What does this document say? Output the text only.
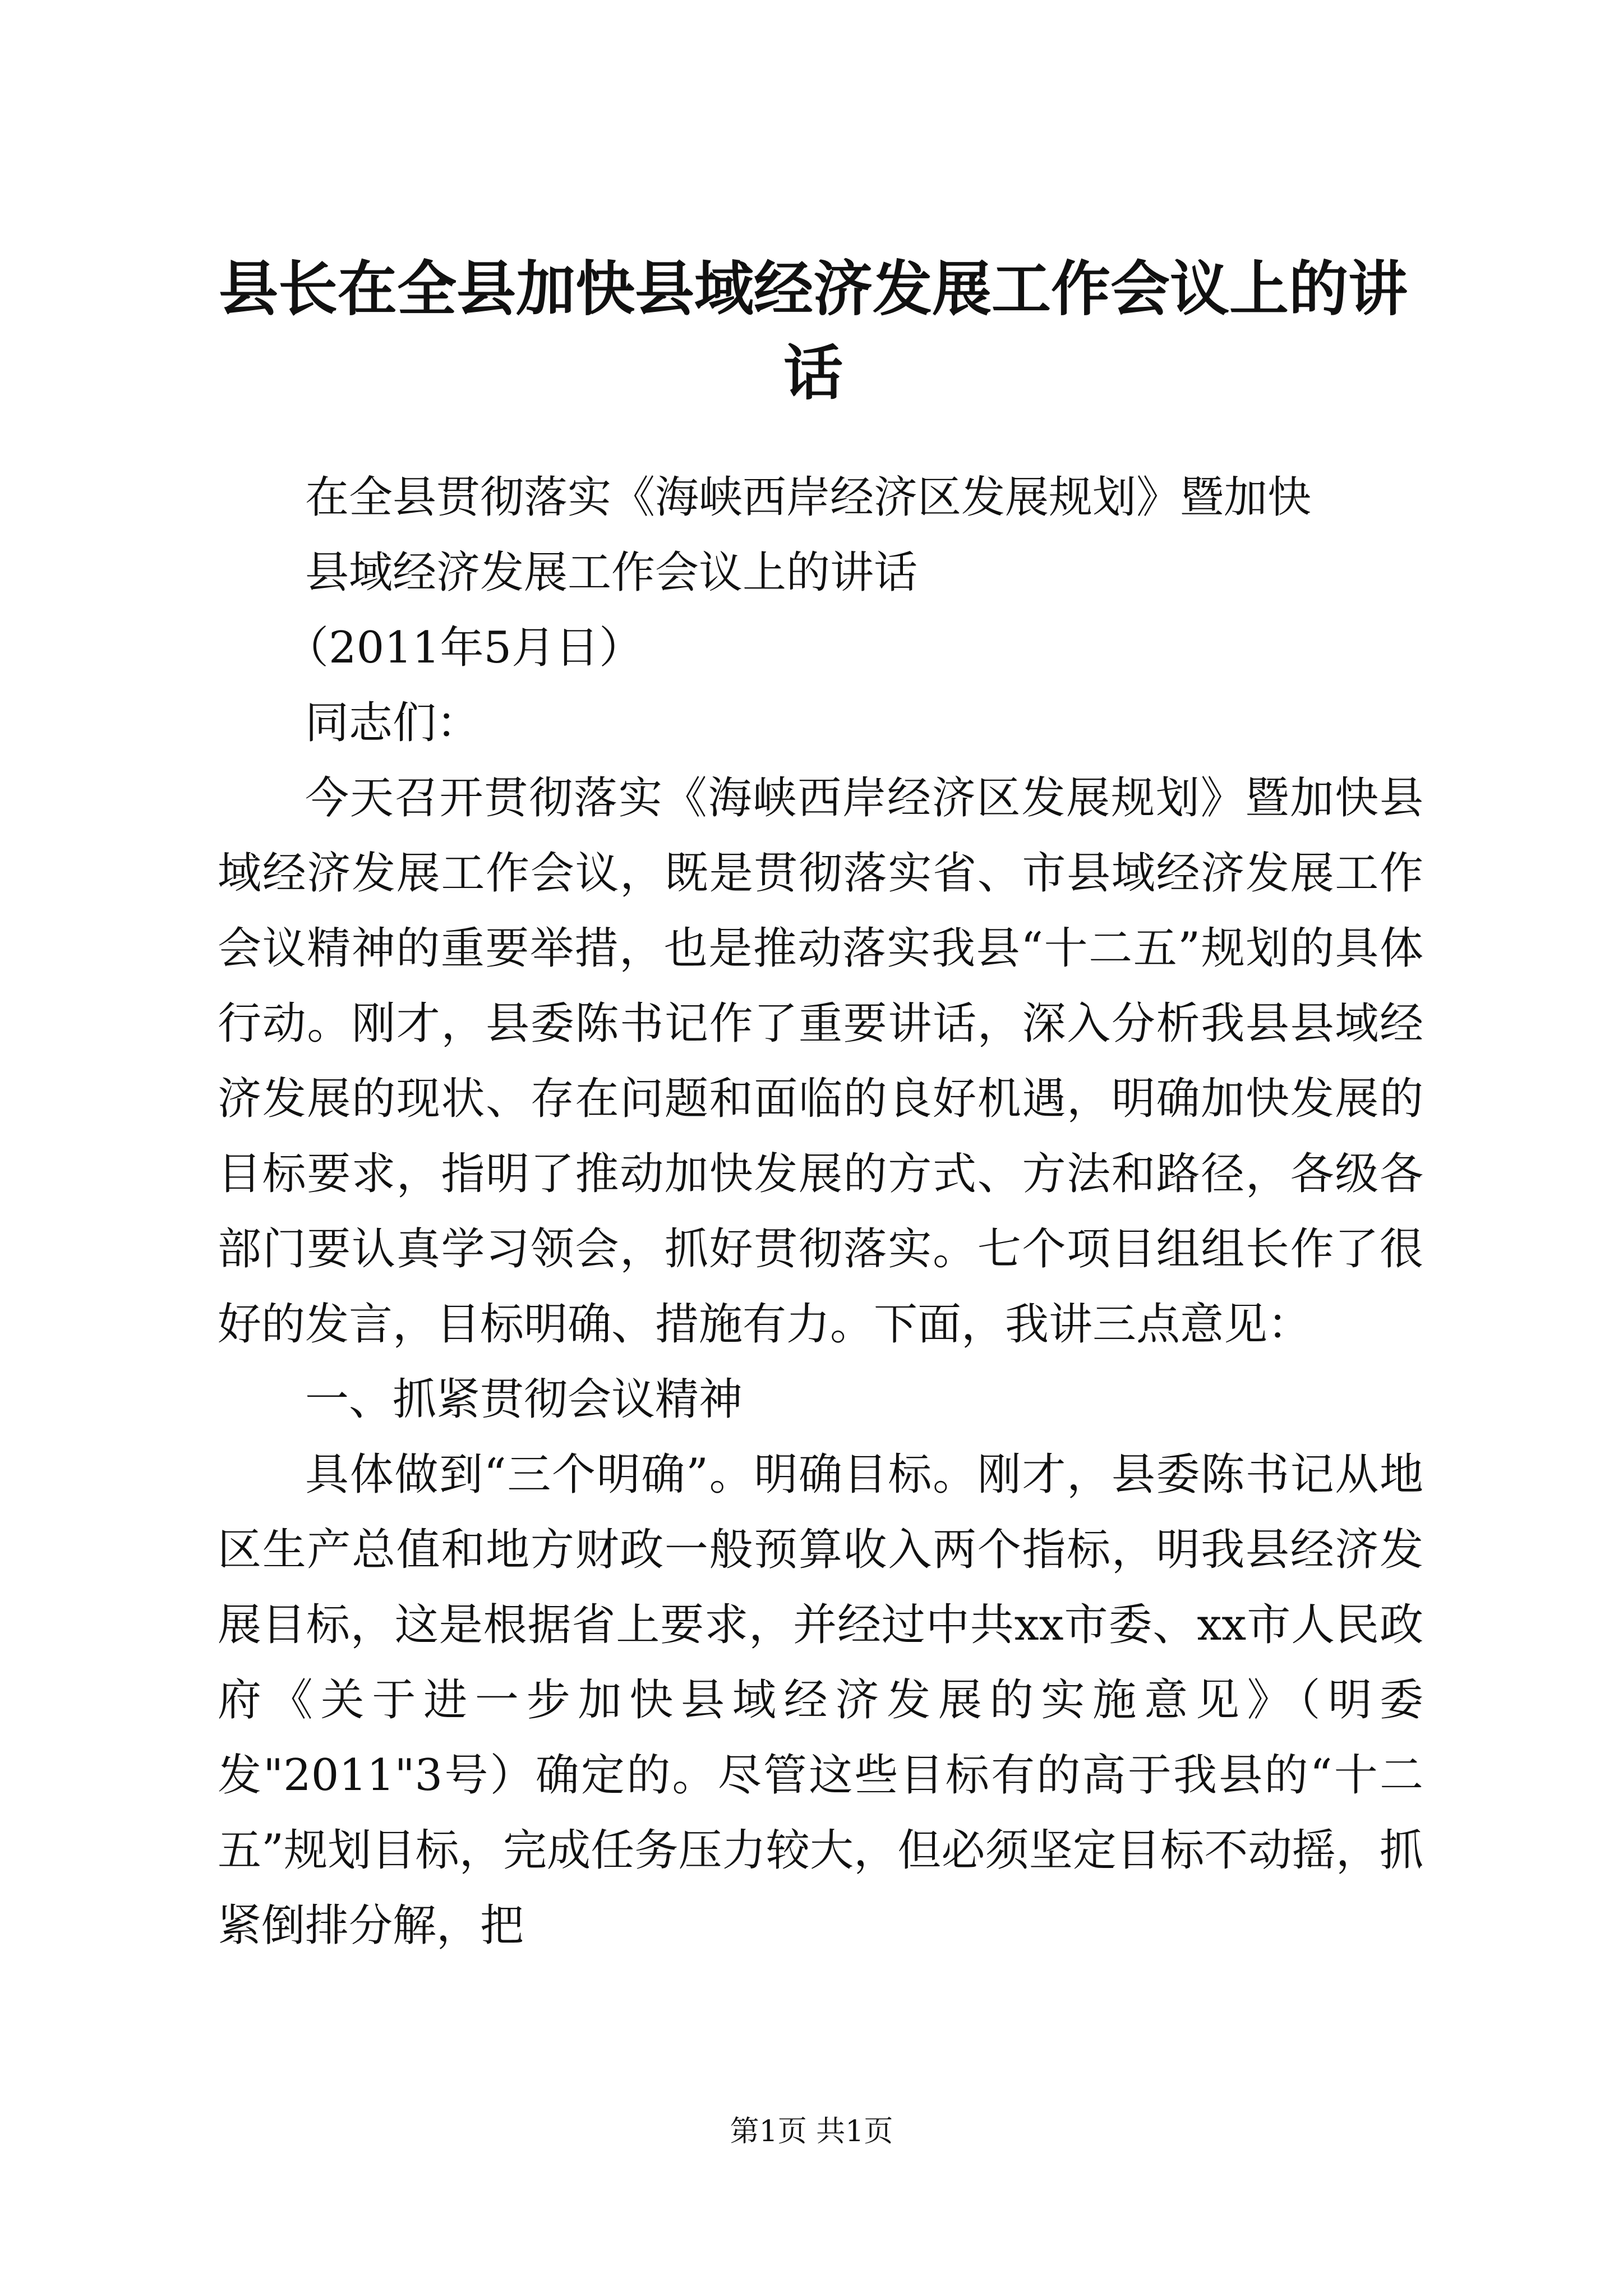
县长在全县加快县域经济发展工作会议上的讲话

在全县贯彻落实《海峡西岸经济区发展规划》暨加快

县域经济发展工作会议上的讲话

（2011年5月日）

同志们：

今天召开贯彻落实《海峡西岸经济区发展规划》暨加快县域经济发展工作会议，既是贯彻落实省、市县域经济发展工作会议精神的重要举措，也是推动落实我县“十二五”规划的具体行动。刚才，县委陈书记作了重要讲话，深入分析我县县域经济发展的现状、存在问题和面临的良好机遇，明确加快发展的目标要求，指明了推动加快发展的方式、方法和路径，各级各部门要认真学习领会，抓好贯彻落实。七个项目组组长作了很好的发言，目标明确、措施有力。下面，我讲三点意见：

一、抓紧贯彻会议精神

具体做到“三个明确”。明确目标。刚才，县委陈书记从地区生产总值和地方财政一般预算收入两个指标，明我县经济发展目标，这是根据省上要求，并经过中共xx市委、xx市人民政府《关于进一步加快县域经济发展的实施意见》（明委发"2011"3号）确定的。尽管这些目标有的高于我县的“十二五”规划目标，完成任务压力较大，但必须坚定目标不动摇，抓紧倒排分解，把

第1页 共1页
